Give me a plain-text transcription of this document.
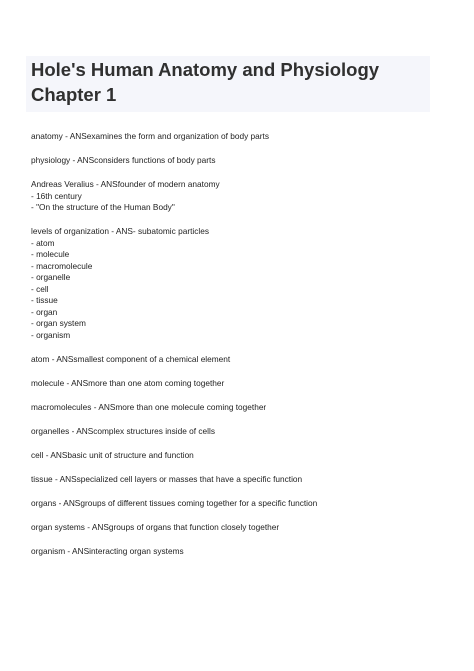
Hole's Human Anatomy and Physiology Chapter 1

anatomy - ANSexamines the form and organization of body parts

physiology - ANSconsiders functions of body parts

Andreas Veralius - ANSfounder of modern anatomy

- 16th century

- "On the structure of the Human Body"

levels of organization - ANS- subatomic particles

- atom

- molecule

- macromolecule

- organelle

- cell

- tissue

- organ

- organ system

- organism

atom - ANSsmallest component of a chemical element

molecule - ANSmore than one atom coming together

macromolecules - ANSmore than one molecule coming together

organelles - ANScomplex structures inside of cells

cell - ANSbasic unit of structure and function

tissue - ANSspecialized cell layers or masses that have a specific function

organs - ANSgroups of different tissues coming together for a specific function

organ systems - ANSgroups of organs that function closely together

organism - ANSinteracting organ systems
